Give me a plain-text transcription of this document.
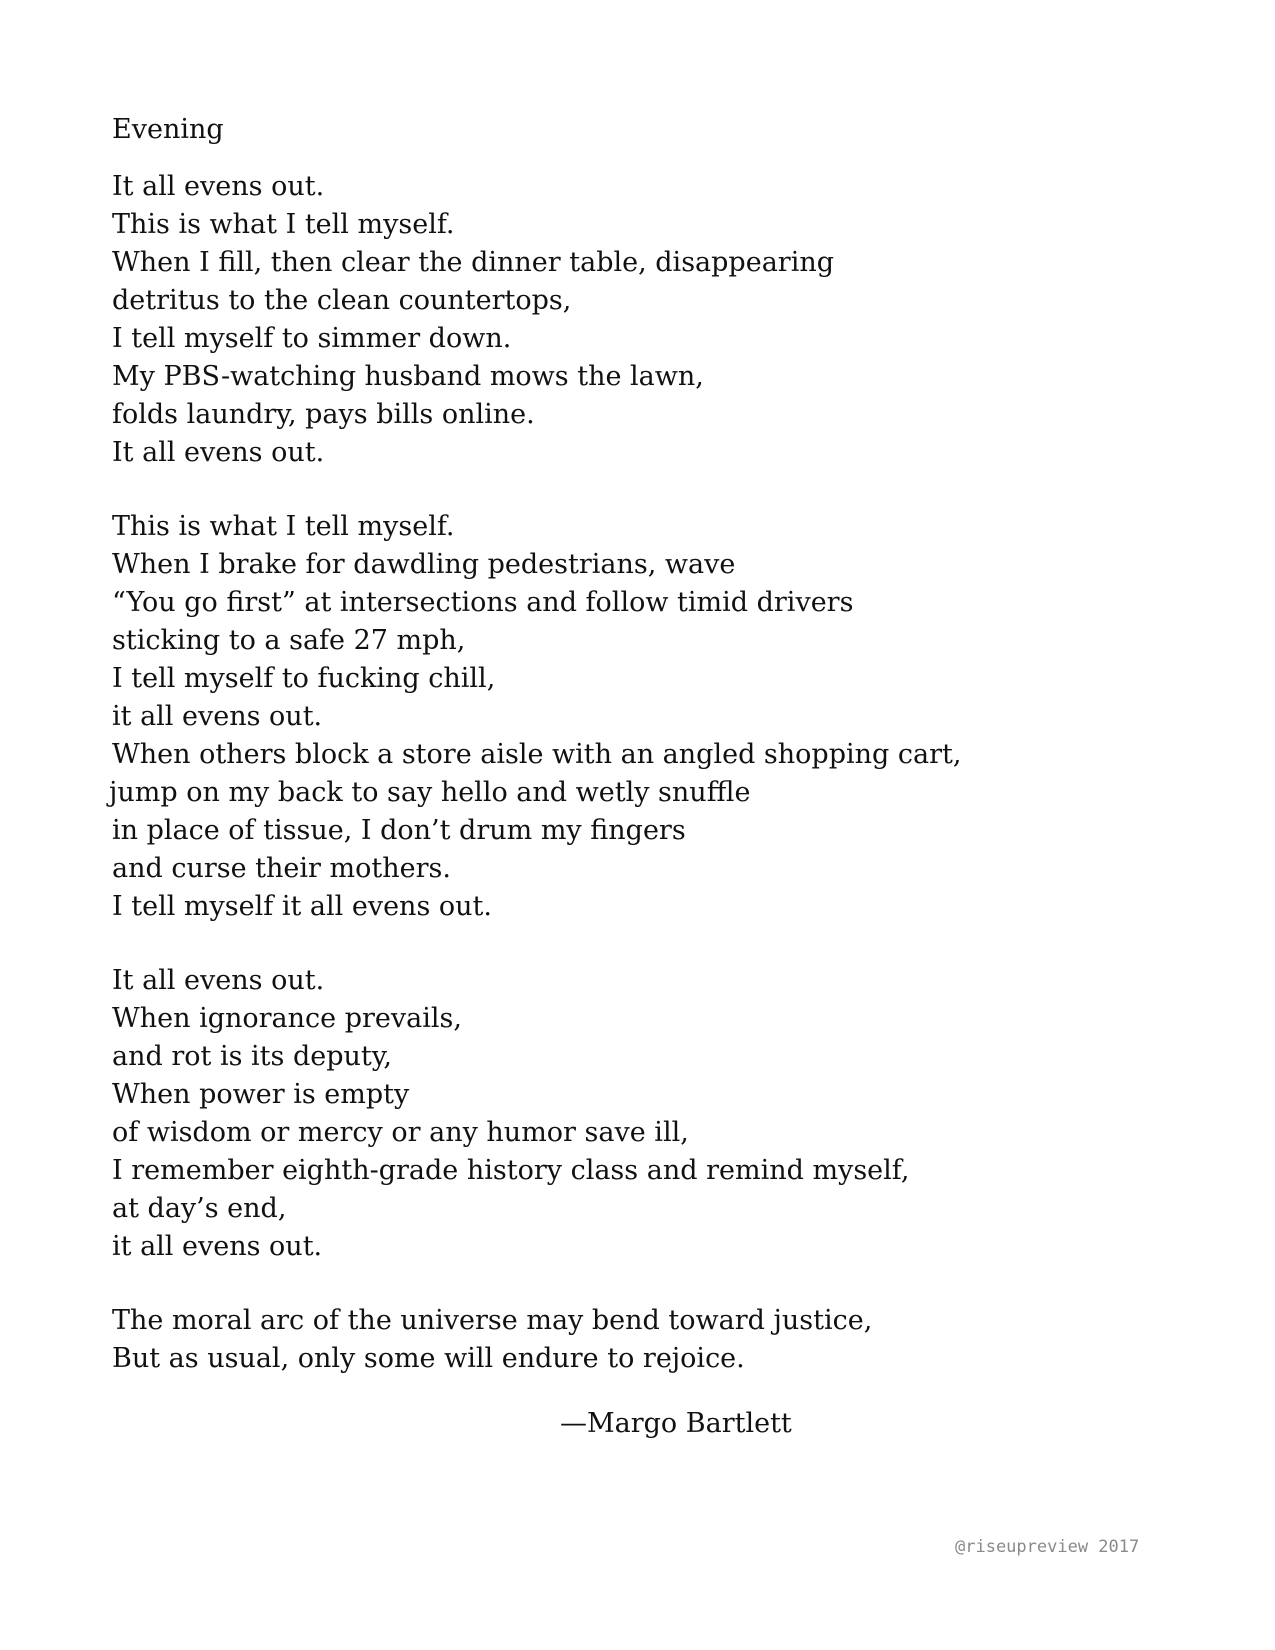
Evening
It all evens out.
This is what I tell myself.
When I fill, then clear the dinner table, disappearing
detritus to the clean countertops,
I tell myself to simmer down.
My PBS-watching husband mows the lawn,
folds laundry, pays bills online.
It all evens out.
This is what I tell myself.
When I brake for dawdling pedestrians, wave
“You go first” at intersections and follow timid drivers
sticking to a safe 27 mph,
I tell myself to fucking chill,
it all evens out.
When others block a store aisle with an angled shopping cart,
jump on my back to say hello and wetly snuffle
in place of tissue, I don’t drum my fingers
and curse their mothers.
I tell myself it all evens out.
It all evens out.
When ignorance prevails,
and rot is its deputy,
When power is empty
of wisdom or mercy or any humor save ill,
I remember eighth-grade history class and remind myself,
at day’s end,
it all evens out.
The moral arc of the universe may bend toward justice,
But as usual, only some will endure to rejoice.
—Margo Bartlett
@riseupreview 2017
